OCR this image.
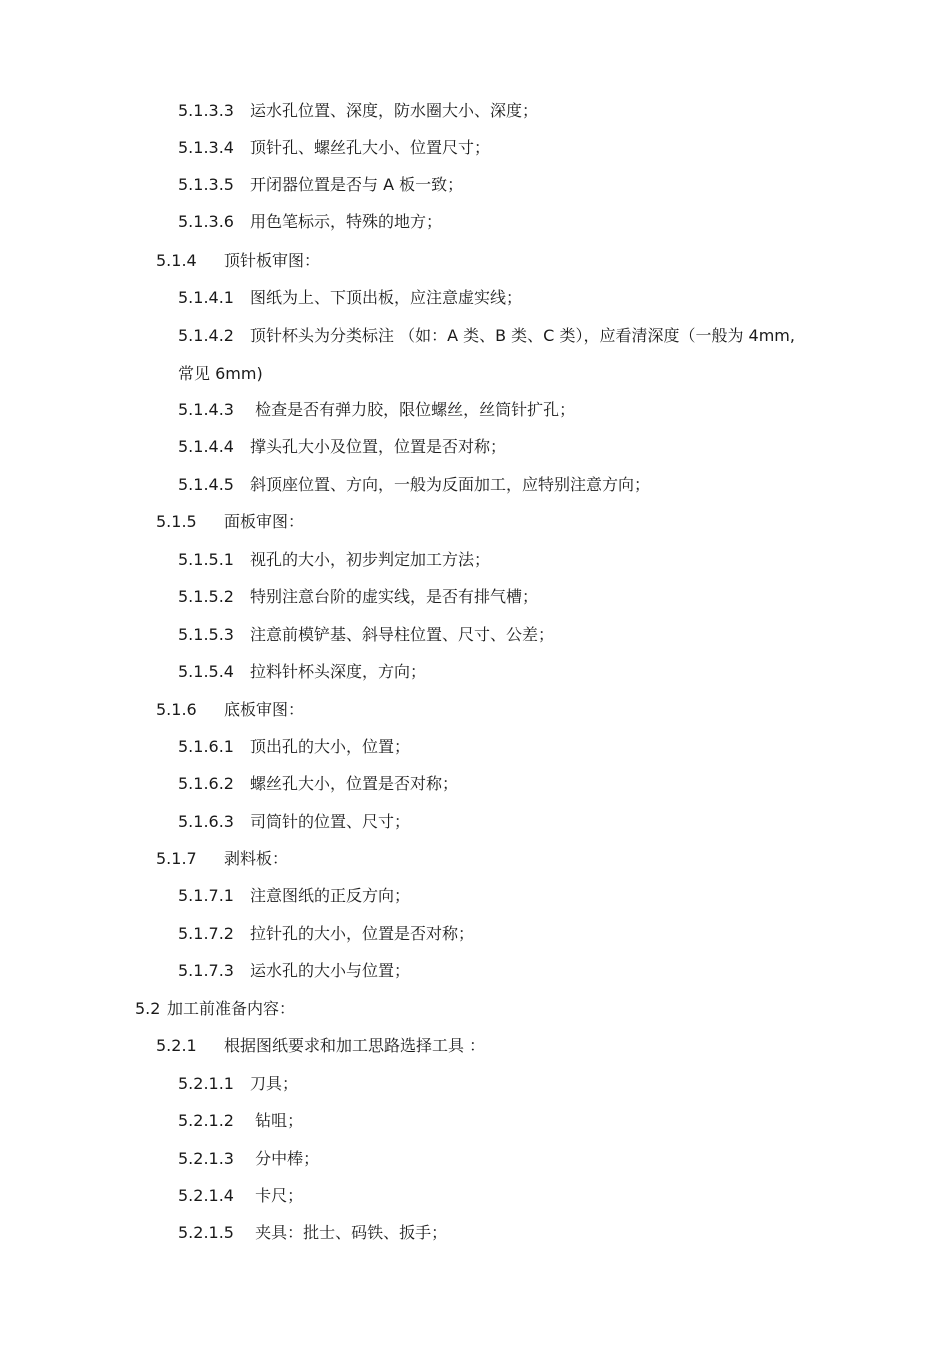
5.1.3.3 运水孔位置、深度，防水圈大小、深度；
5.1.3.4 顶针孔、螺丝孔大小、位置尺寸；
5.1.3.5 开闭器位置是否与 A 板一致；
5.1.3.6 用色笔标示，特殊的地方；
5.1.4 顶针板审图：
5.1.4.1 图纸为上、下顶出板，应注意虚实线；
5.1.4.2 顶针杯头为分类标注 （如：A 类、B 类、C 类），应看清深度（一般为 4mm,
常见 6mm)
5.1.4.3 检查是否有弹力胶，限位螺丝，丝筒针扩孔；
5.1.4.4 撑头孔大小及位置，位置是否对称；
5.1.4.5 斜顶座位置、方向，一般为反面加工，应特别注意方向；
5.1.5 面板审图：
5.1.5.1 视孔的大小，初步判定加工方法；
5.1.5.2 特别注意台阶的虚实线，是否有排气槽；
5.1.5.3 注意前模铲基、斜导柱位置、尺寸、公差；
5.1.5.4 拉料针杯头深度，方向；
5.1.6 底板审图：
5.1.6.1 顶出孔的大小，位置；
5.1.6.2 螺丝孔大小，位置是否对称；
5.1.6.3 司筒针的位置、尺寸；
5.1.7 剥料板：
5.1.7.1 注意图纸的正反方向；
5.1.7.2 拉针孔的大小，位置是否对称；
5.1.7.3 运水孔的大小与位置；
5.2 加工前准备内容：
5.2.1 根据图纸要求和加工思路选择工具 ：
5.2.1.1 刀具；
5.2.1.2 钻咀；
5.2.1.3 分中棒；
5.2.1.4 卡尺；
5.2.1.5 夹具：批士、码铁、扳手；
